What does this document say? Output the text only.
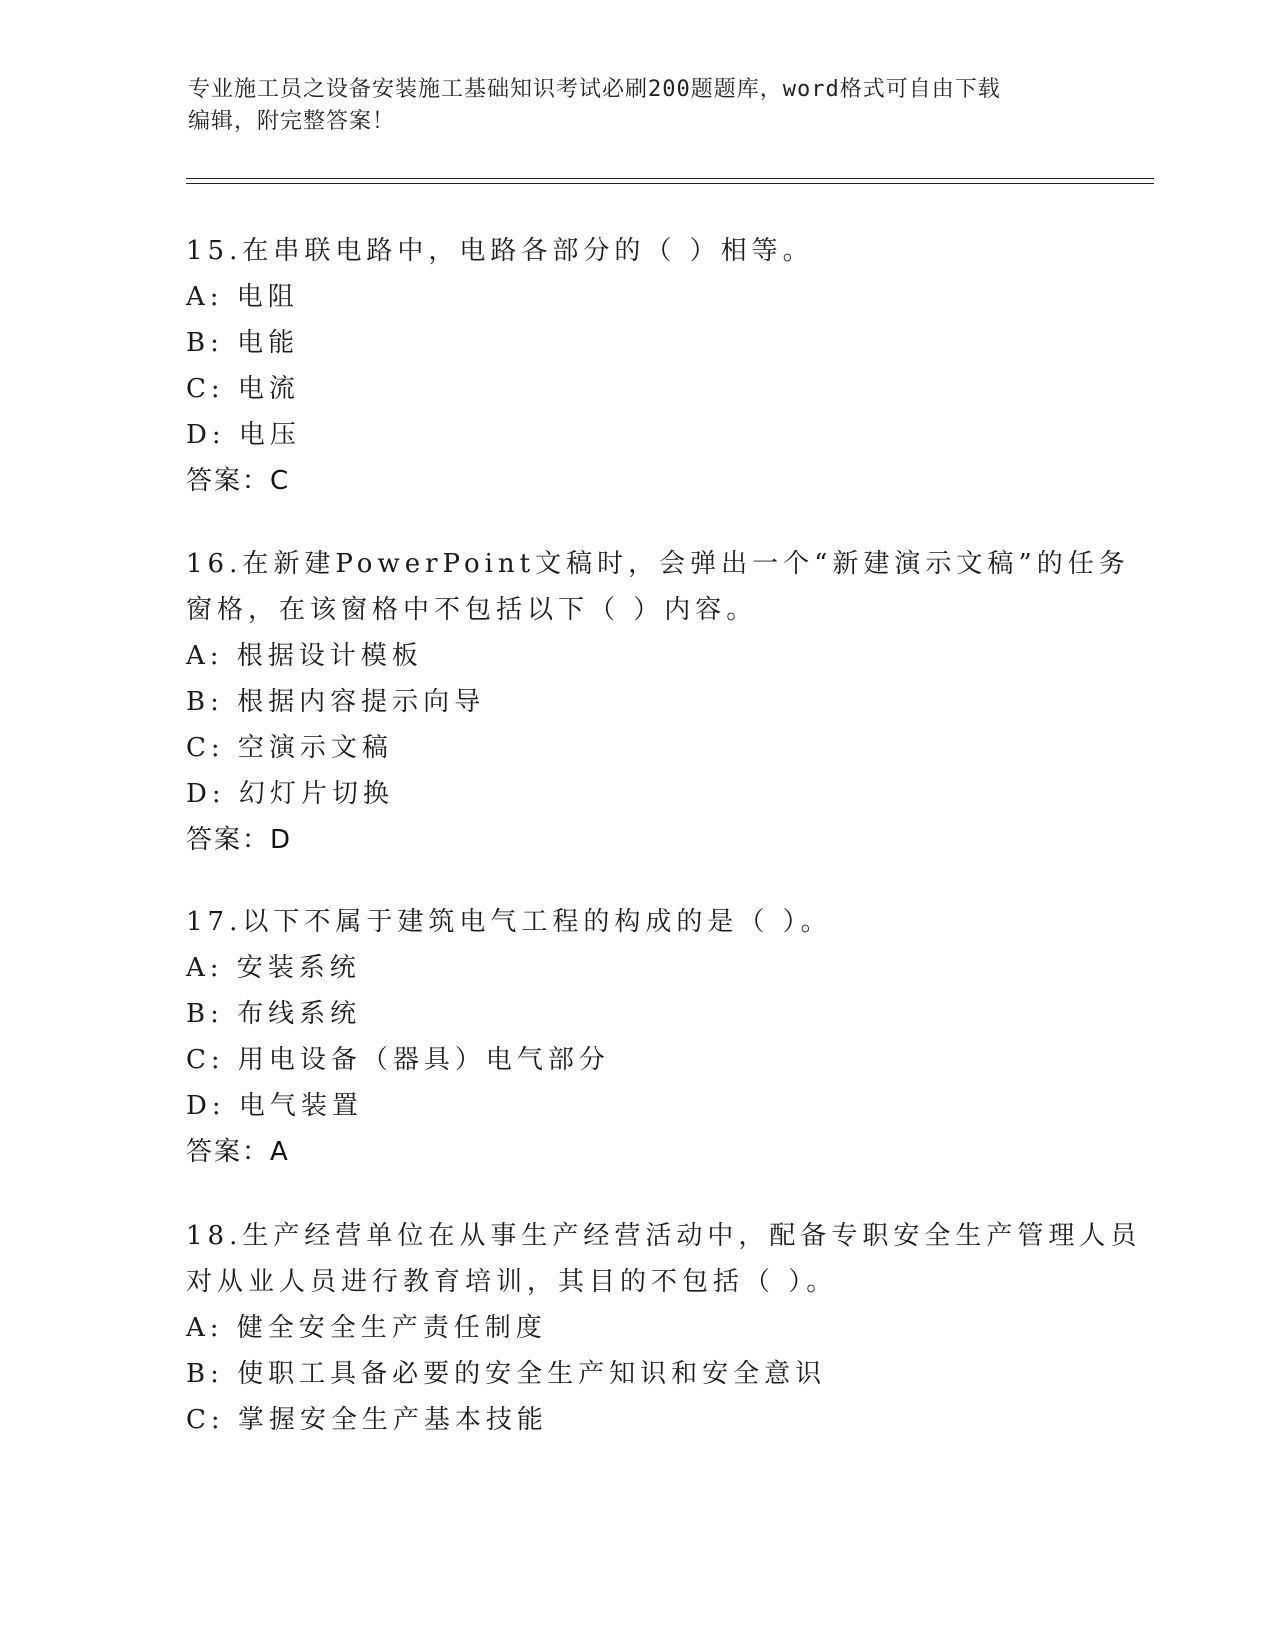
专业施工员之设备安装施工基础知识考试必刷200题题库，word格式可自由下载
编辑，附完整答案！
15.在串联电路中，电路各部分的（ ）相等。
A: 电阻
B: 电能
C: 电流
D: 电压
答案：C
16.在新建PowerPoint文稿时，会弹出一个“新建演示文稿”的任务
窗格，在该窗格中不包括以下（ ）内容。
A: 根据设计模板
B: 根据内容提示向导
C: 空演示文稿
D: 幻灯片切换
答案：D
17.以下不属于建筑电气工程的构成的是（ ）。
A: 安装系统
B: 布线系统
C: 用电设备（器具）电气部分
D: 电气装置
答案：A
18.生产经营单位在从事生产经营活动中，配备专职安全生产管理人员
对从业人员进行教育培训，其目的不包括（ ）。
A: 健全安全生产责任制度
B: 使职工具备必要的安全生产知识和安全意识
C: 掌握安全生产基本技能
